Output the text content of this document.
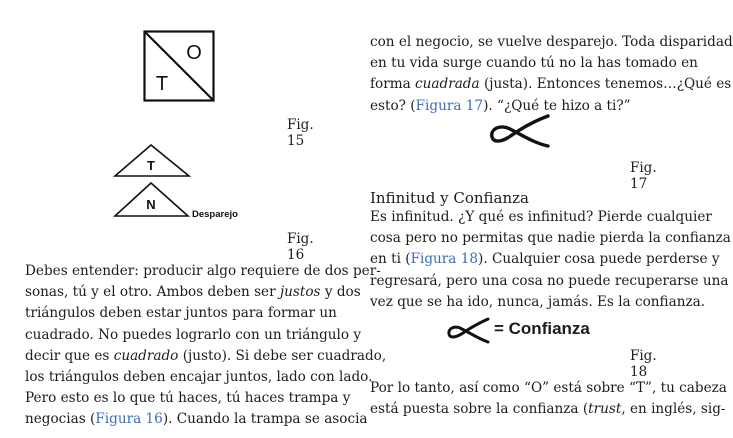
O
T
Fig. 15
T
N
Desparejo
Fig. 16
Debes entender: producir algo requiere de dos per-
sonas, tú y el otro. Ambos deben ser justos y dos
triángulos deben estar juntos para formar un
cuadrado. No puedes lograrlo con un triángulo y
decir que es cuadrado (justo). Si debe ser cuadrado,
los triángulos deben encajar juntos, lado con lado.
Pero esto es lo que tú haces, tú haces trampa y
negocias (Figura 16). Cuando la trampa se asocia
con el negocio, se vuelve desparejo. Toda disparidad
en tu vida surge cuando tú no la has tomado en
forma cuadrada (justa). Entonces tenemos…¿Qué es
esto? (Figura 17). “¿Qué te hizo a ti?”
Fig. 17
Infinitud y Confianza
Es infinitud. ¿Y qué es infinitud? Pierde cualquier
cosa pero no permitas que nadie pierda la confianza
en ti (Figura 18). Cualquier cosa puede perderse y
regresará, pero una cosa no puede recuperarse una
vez que se ha ido, nunca, jamás. Es la confianza.
= Confianza
Fig. 18
Por lo tanto, así como “O” está sobre “T”, tu cabeza
está puesta sobre la confianza (trust, en inglés, sig-
